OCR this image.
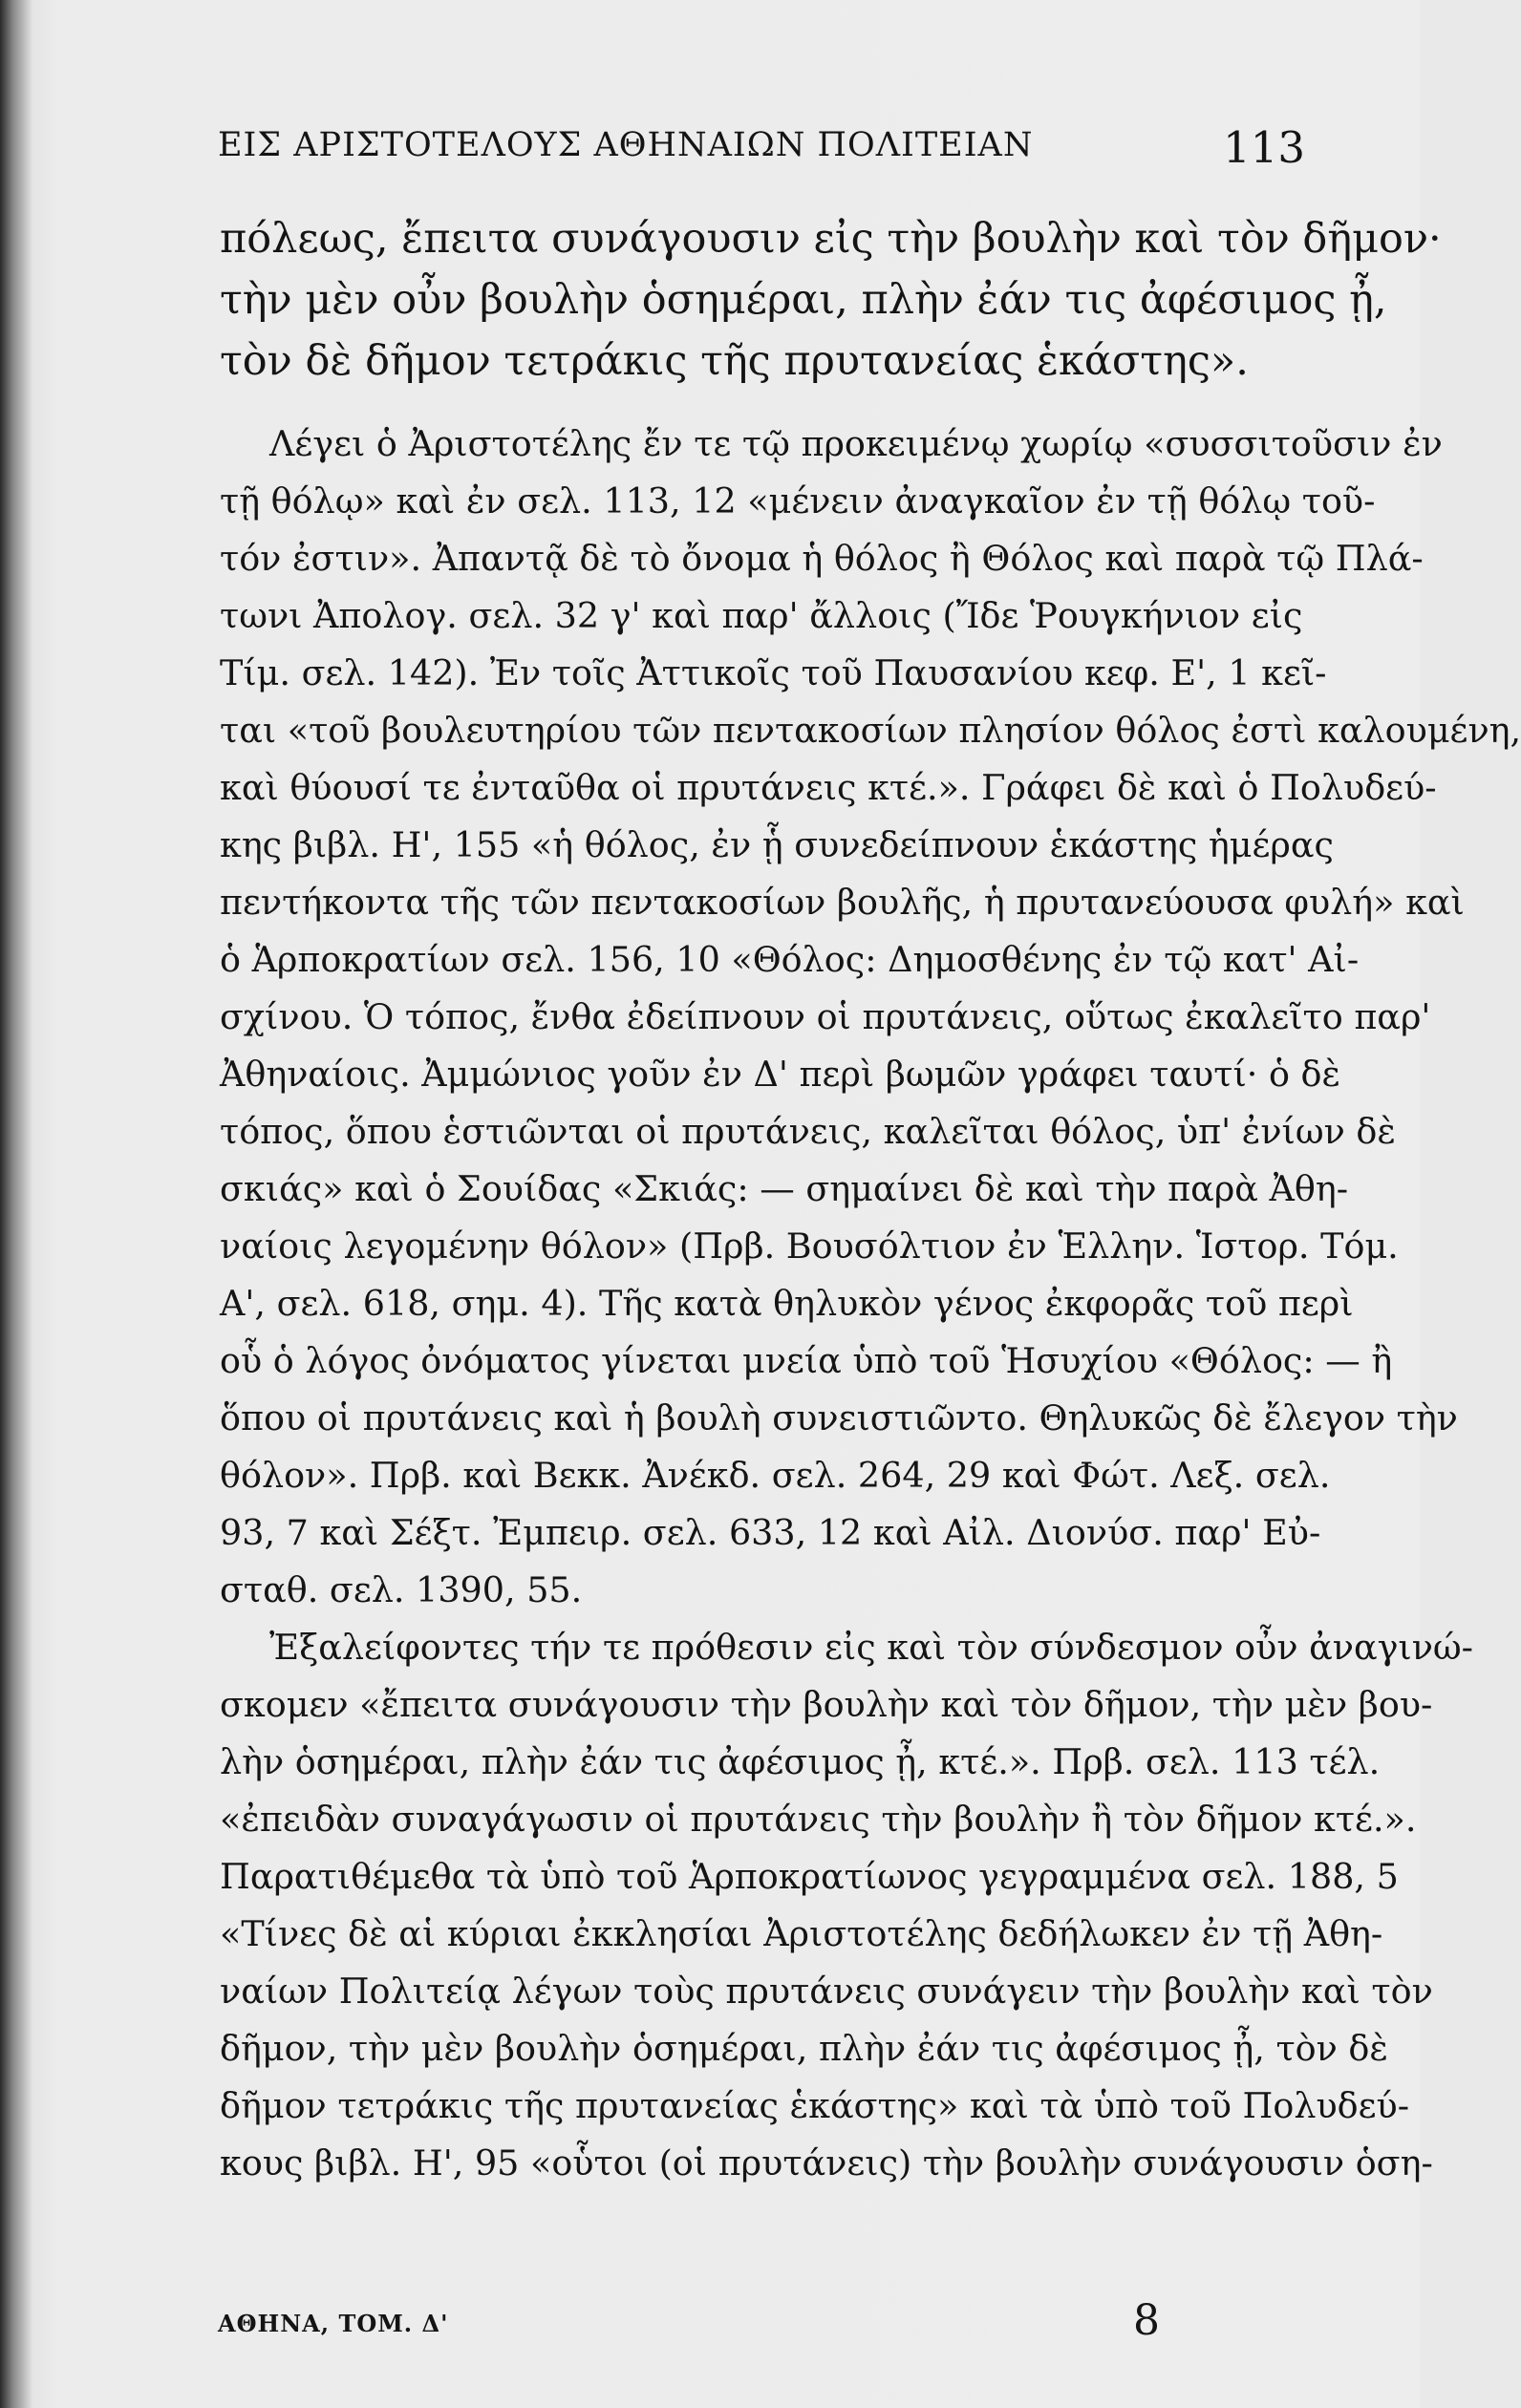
ΕΙΣ ΑΡΙΣΤΟΤΕΛΟΥΣ ΑΘΗΝΑΙΩΝ ΠΟΛΙΤΕΙΑΝ	113
πόλεως, ἔπειτα συνάγουσιν εἰς τὴν βουλὴν καὶ τὸν δῆμον·
τὴν μὲν οὖν βουλὴν ὁσημέραι, πλὴν ἐάν τις ἀφέσιμος ᾖ,
τὸν δὲ δῆμον τετράκις τῆς πρυτανείας ἑκάστης».
Λέγει ὁ Ἀριστοτέλης ἔν τε τῷ προκειμένῳ χωρίῳ «συσσιτοῦσιν ἐν
τῇ θόλῳ» καὶ ἐν σελ. 113, 12 «μένειν ἀναγκαῖον ἐν τῇ θόλῳ τοῦ-
τόν ἐστιν». Ἀπαντᾷ δὲ τὸ ὄνομα ἡ θόλος ἢ Θόλος καὶ παρὰ τῷ Πλά-
τωνι Ἀπολογ. σελ. 32 γ' καὶ παρ' ἄλλοις (Ἴδε Ῥουγκήνιον εἰς
Τίμ. σελ. 142). Ἐν τοῖς Ἀττικοῖς τοῦ Παυσανίου κεφ. Ε', 1 κεῖ-
ται «τοῦ βουλευτηρίου τῶν πεντακοσίων πλησίον θόλος ἐστὶ καλουμένη,
καὶ θύουσί τε ἐνταῦθα οἱ πρυτάνεις κτέ.». Γράφει δὲ καὶ ὁ Πολυδεύ-
κης βιβλ. Η', 155 «ἡ θόλος, ἐν ᾗ συνεδείπνουν ἑκάστης ἡμέρας
πεντήκοντα τῆς τῶν πεντακοσίων βουλῆς, ἡ πρυτανεύουσα φυλή» καὶ
ὁ Ἁρποκρατίων σελ. 156, 10 «Θόλος: Δημοσθένης ἐν τῷ κατ' Αἰ-
σχίνου. Ὁ τόπος, ἔνθα ἐδείπνουν οἱ πρυτάνεις, οὕτως ἐκαλεῖτο παρ'
Ἀθηναίοις. Ἀμμώνιος γοῦν ἐν Δ' περὶ βωμῶν γράφει ταυτί· ὁ δὲ
τόπος, ὅπου ἑστιῶνται οἱ πρυτάνεις, καλεῖται θόλος, ὑπ' ἐνίων δὲ
σκιάς» καὶ ὁ Σουίδας «Σκιάς: — σημαίνει δὲ καὶ τὴν παρὰ Ἀθη-
ναίοις λεγομένην θόλον» (Πρβ. Βουσόλτιον ἐν Ἑλλην. Ἱστορ. Τόμ.
Α', σελ. 618, σημ. 4). Τῆς κατὰ θηλυκὸν γένος ἐκφορᾶς τοῦ περὶ
οὗ ὁ λόγος ὀνόματος γίνεται μνεία ὑπὸ τοῦ Ἡσυχίου «Θόλος: — ἢ
ὅπου οἱ πρυτάνεις καὶ ἡ βουλὴ συνειστιῶντο. Θηλυκῶς δὲ ἔλεγον τὴν
θόλον». Πρβ. καὶ Βεκκ. Ἀνέκδ. σελ. 264, 29 καὶ Φώτ. Λεξ. σελ.
93, 7 καὶ Σέξτ. Ἐμπειρ. σελ. 633, 12 καὶ Αἰλ. Διονύσ. παρ' Εὐ-
σταθ. σελ. 1390, 55.
Ἐξαλείφοντες τήν τε πρόθεσιν εἰς καὶ τὸν σύνδεσμον οὖν ἀναγινώ-
σκομεν «ἔπειτα συνάγουσιν τὴν βουλὴν καὶ τὸν δῆμον, τὴν μὲν βου-
λὴν ὁσημέραι, πλὴν ἐάν τις ἀφέσιμος ᾖ, κτέ.». Πρβ. σελ. 113 τέλ.
«ἐπειδὰν συναγάγωσιν οἱ πρυτάνεις τὴν βουλὴν ἢ τὸν δῆμον κτέ.».
Παρατιθέμεθα τὰ ὑπὸ τοῦ Ἁρποκρατίωνος γεγραμμένα σελ. 188, 5
«Τίνες δὲ αἱ κύριαι ἐκκλησίαι Ἀριστοτέλης δεδήλωκεν ἐν τῇ Ἀθη-
ναίων Πολιτείᾳ λέγων τοὺς πρυτάνεις συνάγειν τὴν βουλὴν καὶ τὸν
δῆμον, τὴν μὲν βουλὴν ὁσημέραι, πλὴν ἐάν τις ἀφέσιμος ᾖ, τὸν δὲ
δῆμον τετράκις τῆς πρυτανείας ἑκάστης» καὶ τὰ ὑπὸ τοῦ Πολυδεύ-
κους βιβλ. Η', 95 «οὗτοι (οἱ πρυτάνεις) τὴν βουλὴν συνάγουσιν ὁση-
ΑΘΗΝΑ, ΤΟΜ. Δ'	8
